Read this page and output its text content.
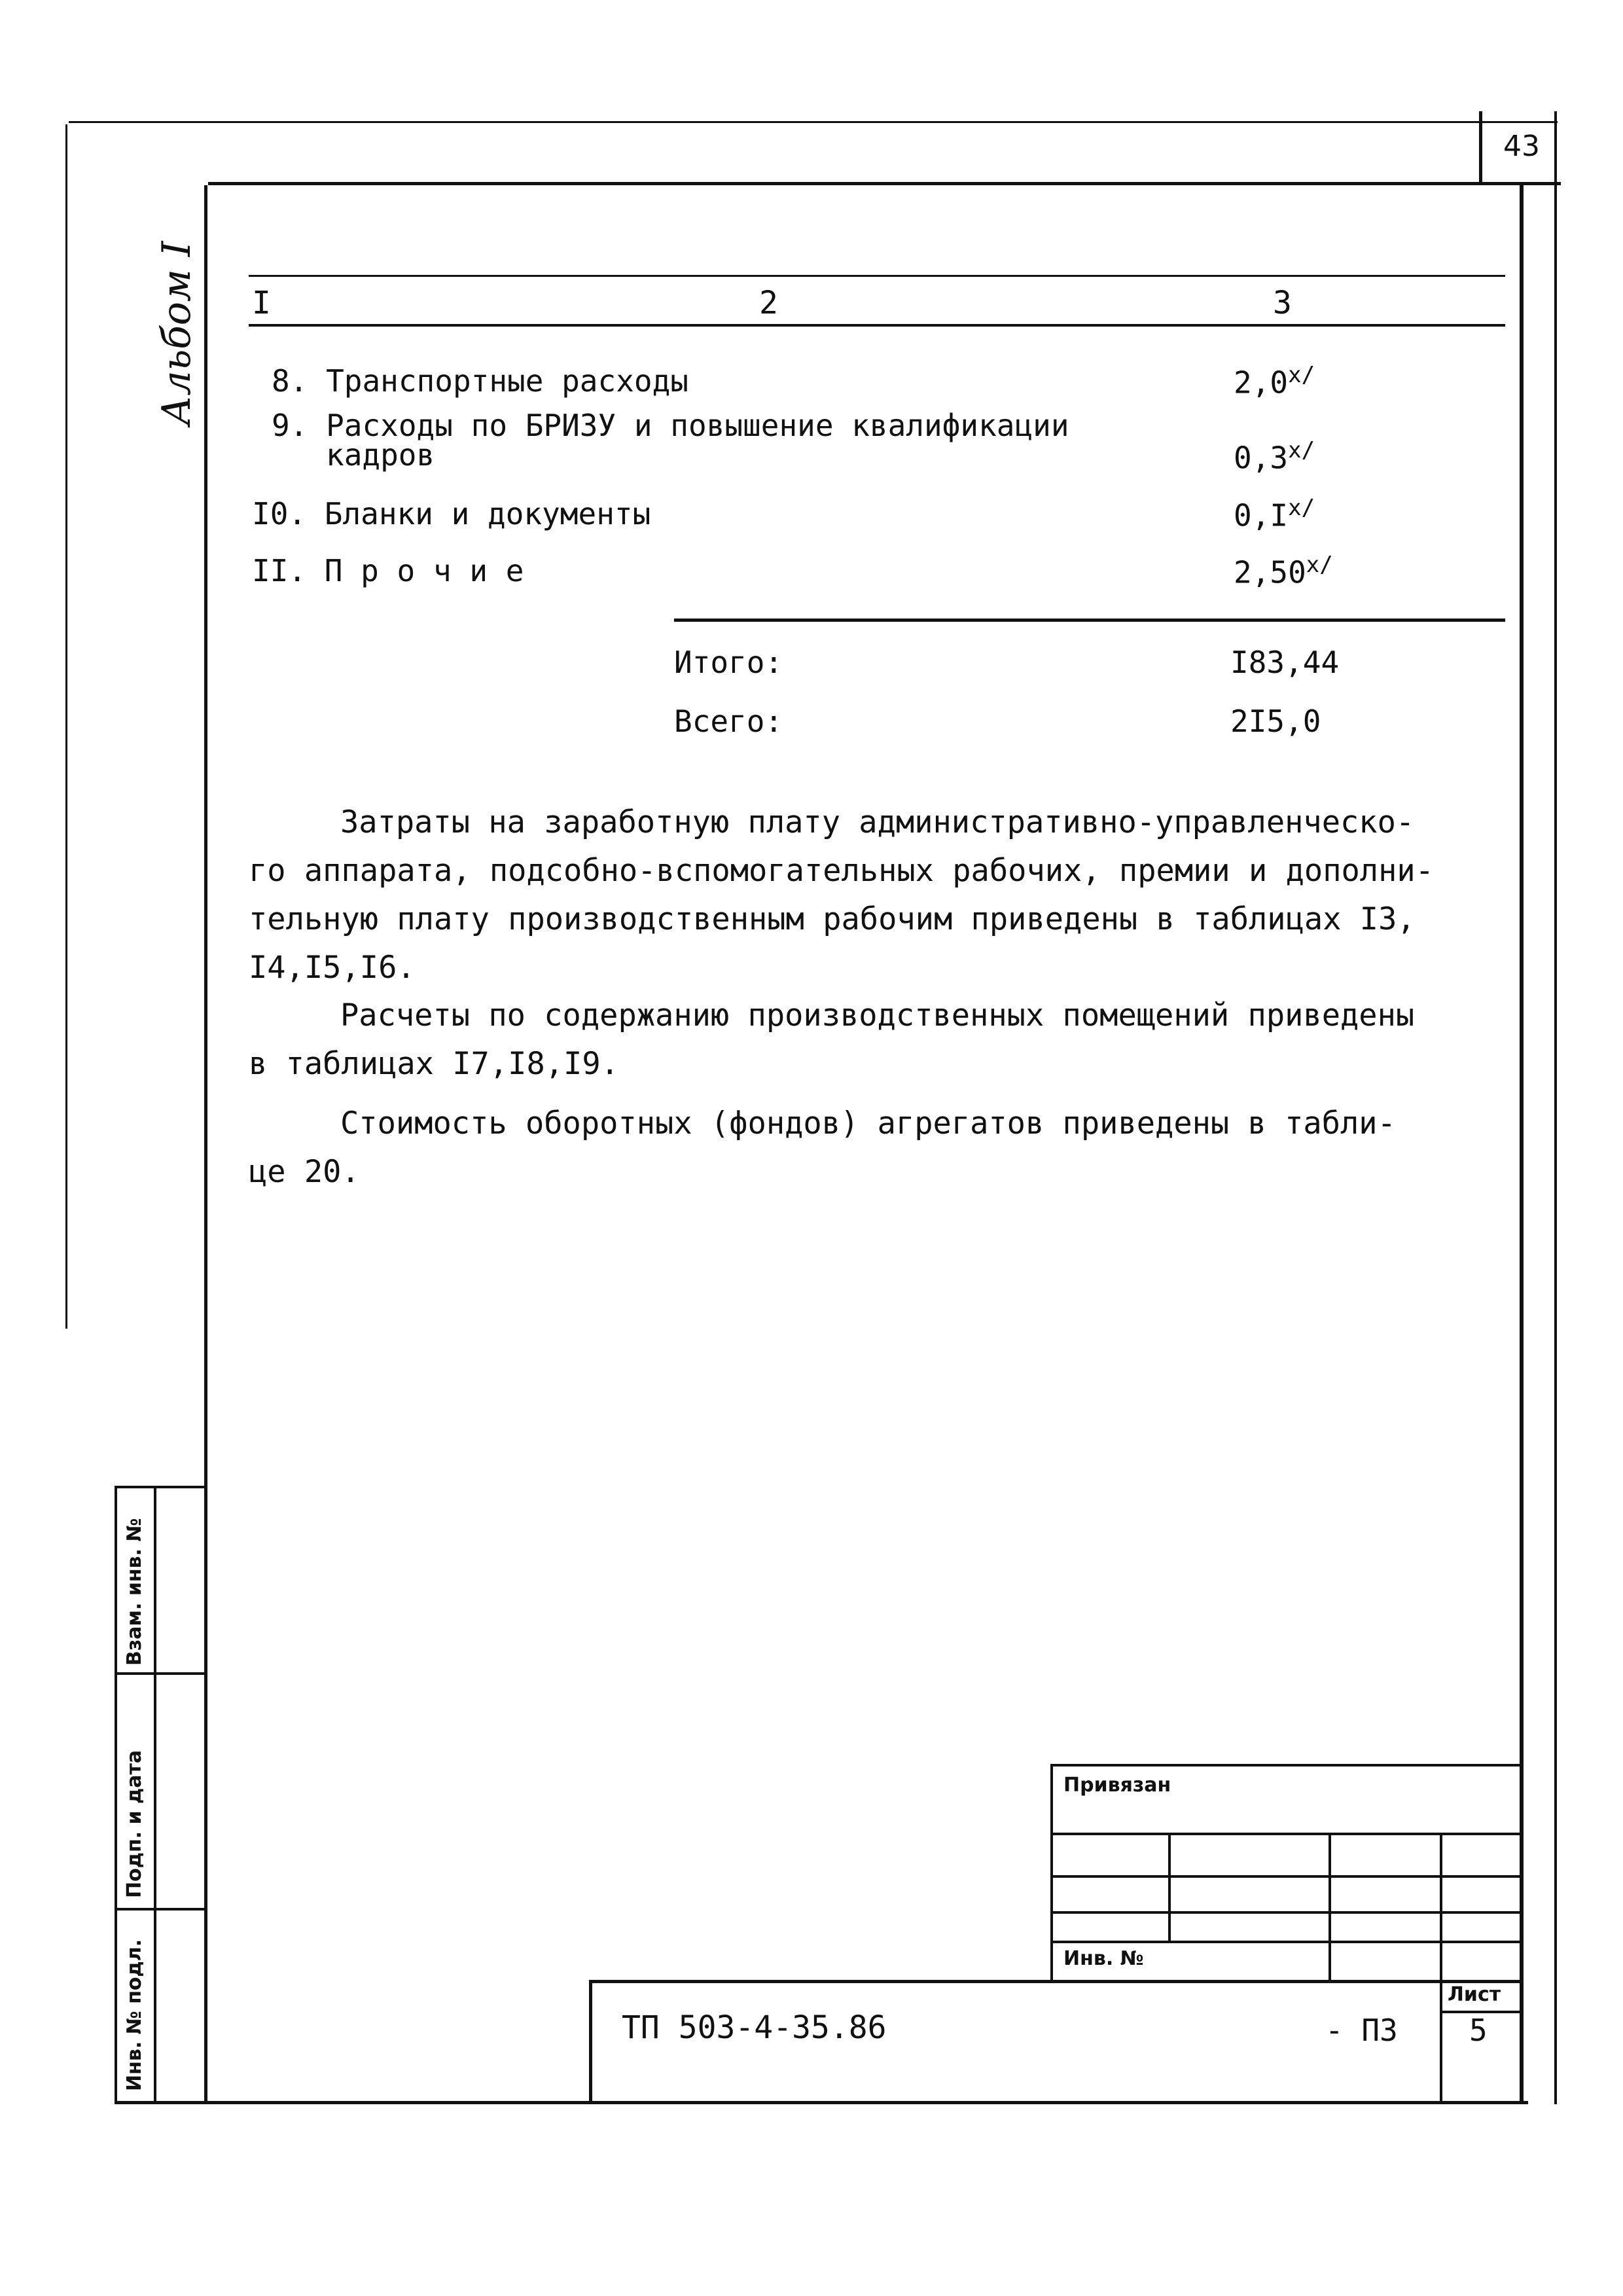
43
Альбом I I	2	3
8. Транспортные расходы	$2,0^{х/}$
9. Расходы по БРИЗУ и повышение квалификации
кадров	$0,3^{х/}$
I0. Бланки и документы	$0,I^{х/}$
II. П р о ч и е	$2,50^{х/}$
Итого:	I83,44
Всего:	2I5,0

Затраты на заработную плату административно-управленческо-

го аппарата, подсобно-вспомогательных рабочих, премии и дополни-

тельную плату производственным рабочим приведены в таблицах I3,

I4,I5,I6.

Расчеты по содержанию производственных помещений приведены

в таблицах I7,I8,I9.

Стоимость оборотных (фондов) агрегатов приведены в табли-

це 20.

Взам. инв. №
Подп. и дата
Инв. № подл.
Привязан
Инв. №
ТП 503-4-35.86	- ПЗ
Лист
5
